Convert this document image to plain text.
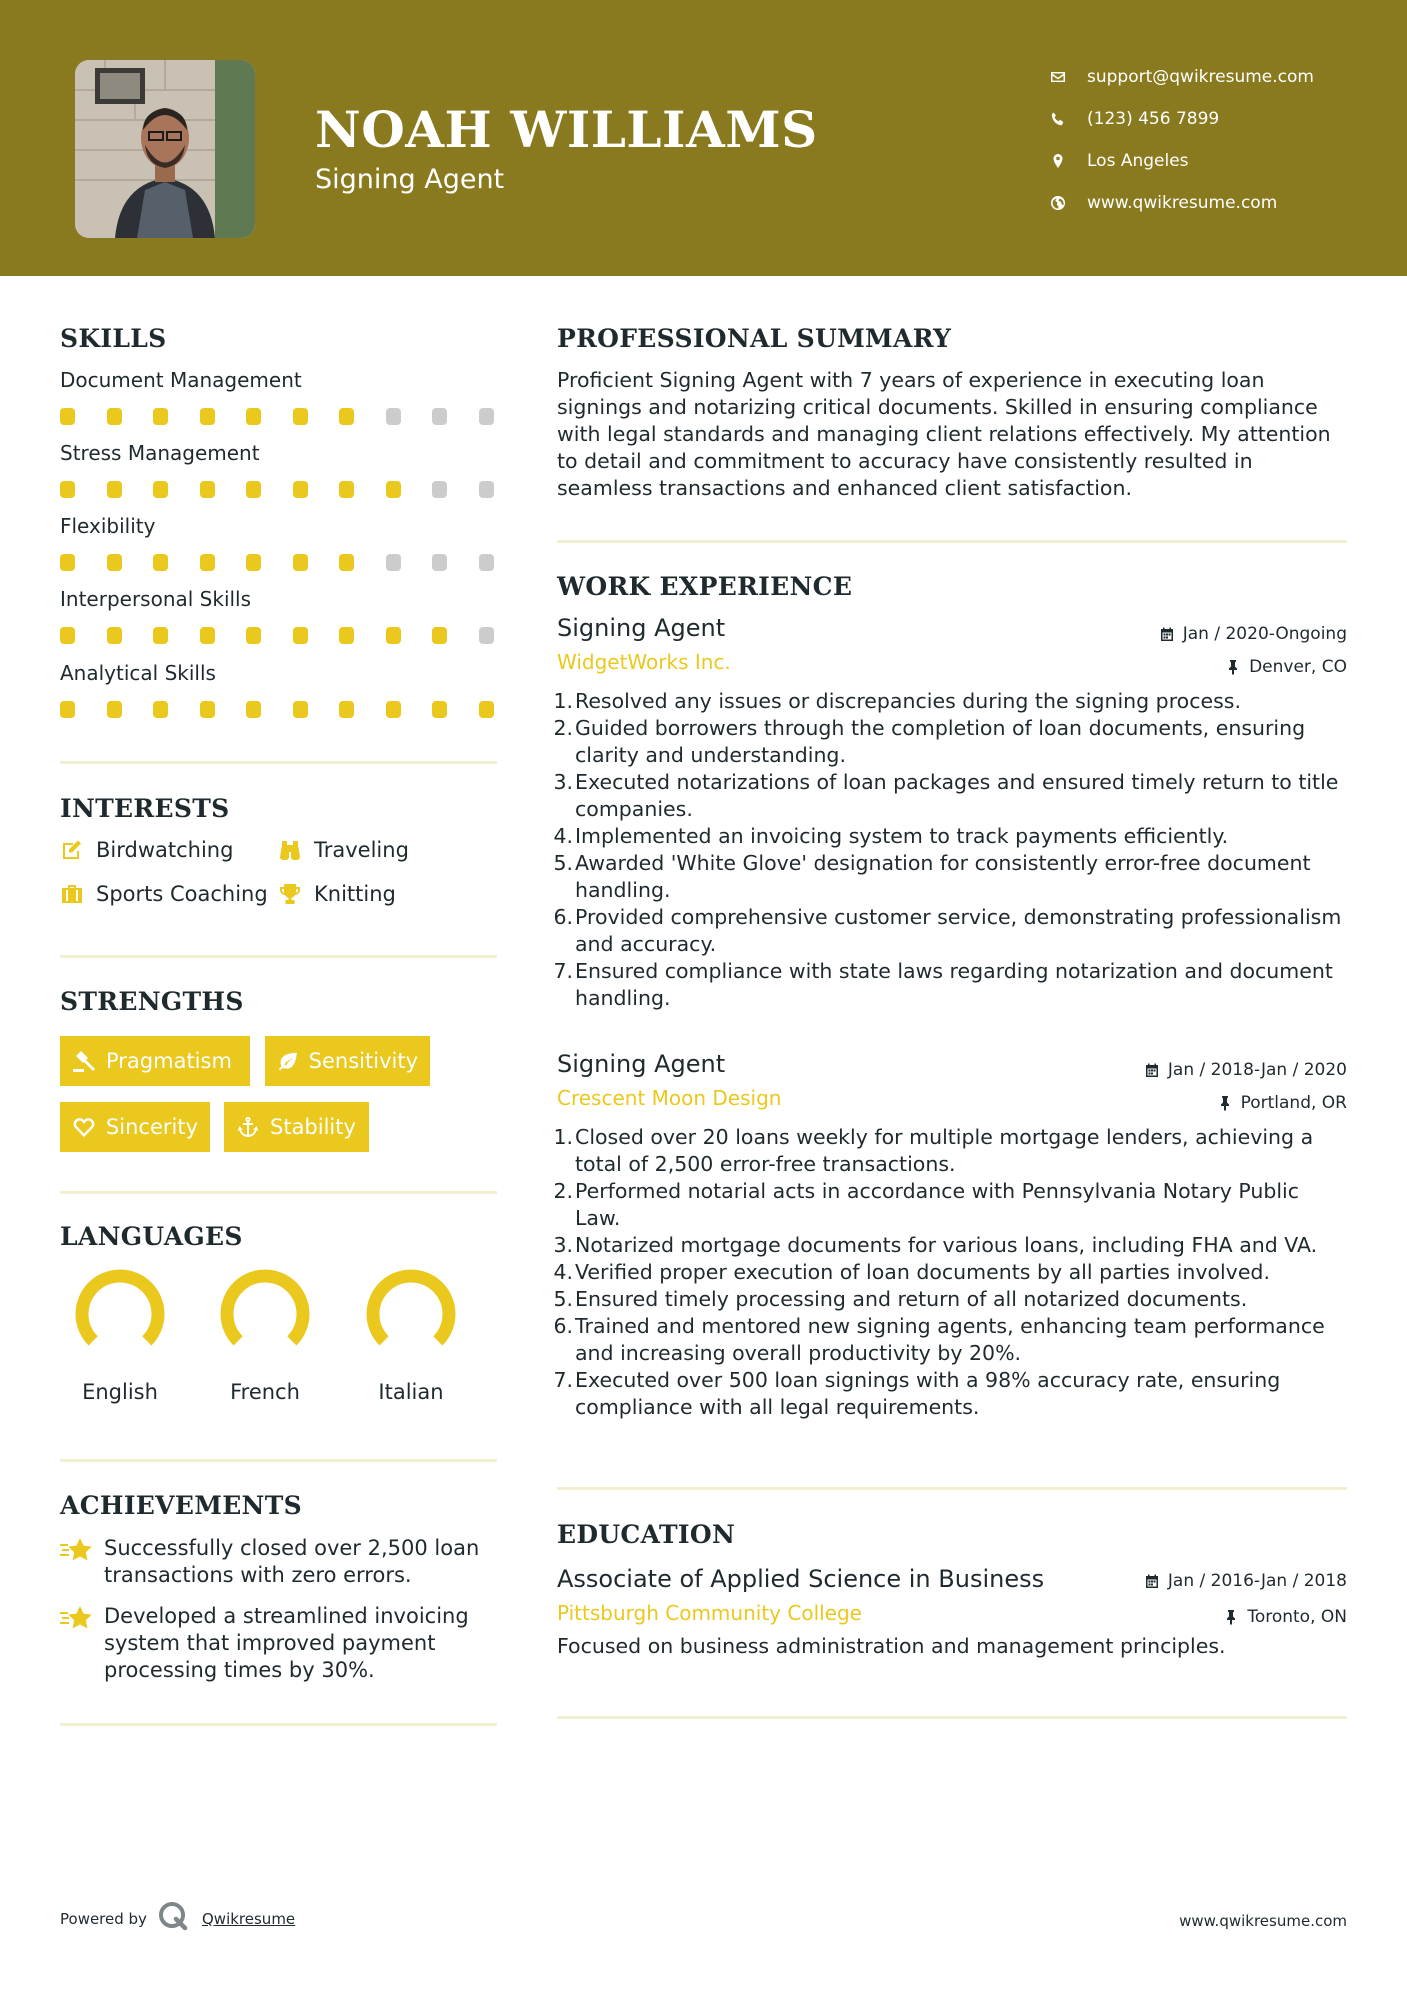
NOAH WILLIAMS
Signing Agent
support@qwikresume.com
(123) 456 7899
Los Angeles
www.qwikresume.com
SKILLS
Document Management
Stress Management
Flexibility
Interpersonal Skills
Analytical Skills
INTERESTS
Birdwatching	Traveling
Sports Coaching Knitting
STRENGTHS
Pragmatism	Sensitivity
Sincerity	Stability
LANGUAGES
English	French	Italian
ACHIEVEMENTS
Successfully closed over 2,500 loan transactions with zero errors.
Developed a streamlined invoicing system that improved payment processing times by 30%.
PROFESSIONAL SUMMARY

Proficient Signing Agent with 7 years of experience in executing loan signings and notarizing critical documents. Skilled in ensuring compliance with legal standards and managing client relations effectively. My attention to detail and commitment to accuracy have consistently resulted in seamless transactions and enhanced client satisfaction.

WORK EXPERIENCE
Signing Agent	Jan / 2020-Ongoing
WidgetWorks Inc.	Denver, CO
1. Resolved any issues or discrepancies during the signing process.
2. Guided borrowers through the completion of loan documents, ensuring clarity and understanding.
3. Executed notarizations of loan packages and ensured timely return to title companies.
4. Implemented an invoicing system to track payments efficiently.
5. Awarded 'White Glove' designation for consistently error-free document handling.
6. Provided comprehensive customer service, demonstrating professionalism and accuracy.
7. Ensured compliance with state laws regarding notarization and document handling.
Signing Agent	Jan / 2018-Jan / 2020
Crescent Moon Design	Portland, OR
1. Closed over 20 loans weekly for multiple mortgage lenders, achieving a total of 2,500 error-free transactions.
2. Performed notarial acts in accordance with Pennsylvania Notary Public Law.
3. Notarized mortgage documents for various loans, including FHA and VA.
4. Verified proper execution of loan documents by all parties involved.
5. Ensured timely processing and return of all notarized documents.
6. Trained and mentored new signing agents, enhancing team performance and increasing overall productivity by 20%.
7. Executed over 500 loan signings with a 98% accuracy rate, ensuring compliance with all legal requirements.
EDUCATION
Associate of Applied Science in Business	Jan / 2016-Jan / 2018
Pittsburgh Community College	Toronto, ON

Focused on business administration and management principles.

Powered by	Qwikresume	www.qwikresume.com
